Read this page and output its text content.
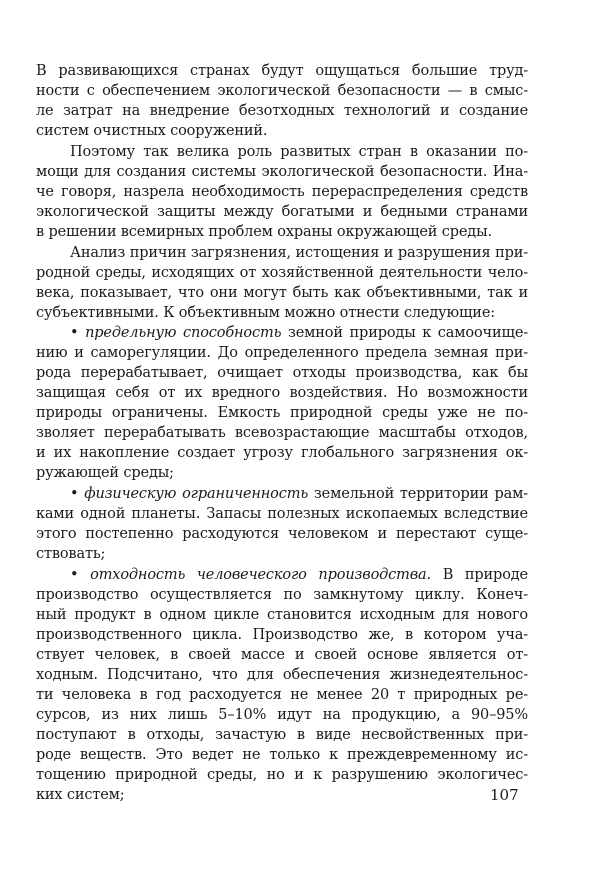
В развивающихся странах будут ощущаться большие труд-
ности с обеспечением экологической безопасности — в смыс-
ле затрат на внедрение безотходных технологий и создание
систем очистных сооружений.
Поэтому так велика роль развитых стран в оказании по-
мощи для создания системы экологической безопасности. Ина-
че говоря, назрела необходимость перераспределения средств
экологической защиты между богатыми и бедными странами
в решении всемирных проблем охраны окружающей среды.
Анализ причин загрязнения, истощения и разрушения при-
родной среды, исходящих от хозяйственной деятельности чело-
века, показывает, что они могут быть как объективными, так и
субъективными. К объективным можно отнести следующие:
• предельную способность земной природы к самоочище-
нию и саморегуляции. До определенного предела земная при-
рода перерабатывает, очищает отходы производства, как бы
защищая себя от их вредного воздействия. Но возможности
природы ограничены. Емкость природной среды уже не по-
зволяет перерабатывать всевозрастающие масштабы отходов,
и их накопление создает угрозу глобального загрязнения ок-
ружающей среды;
• физическую ограниченность земельной территории рам-
ками одной планеты. Запасы полезных ископаемых вследствие
этого постепенно расходуются человеком и перестают суще-
ствовать;
• отходность человеческого производства. В природе
производство осуществляется по замкнутому циклу. Конеч-
ный продукт в одном цикле становится исходным для нового
производственного цикла. Производство же, в котором уча-
ствует человек, в своей массе и своей основе является от-
ходным. Подсчитано, что для обеспечения жизнедеятельнос-
ти человека в год расходуется не менее 20 т природных ре-
сурсов, из них лишь 5–10% идут на продукцию, а 90–95%
поступают в отходы, зачастую в виде несвойственных при-
роде веществ. Это ведет не только к преждевременному ис-
тощению природной среды, но и к разрушению экологичес-
ких систем;	107
